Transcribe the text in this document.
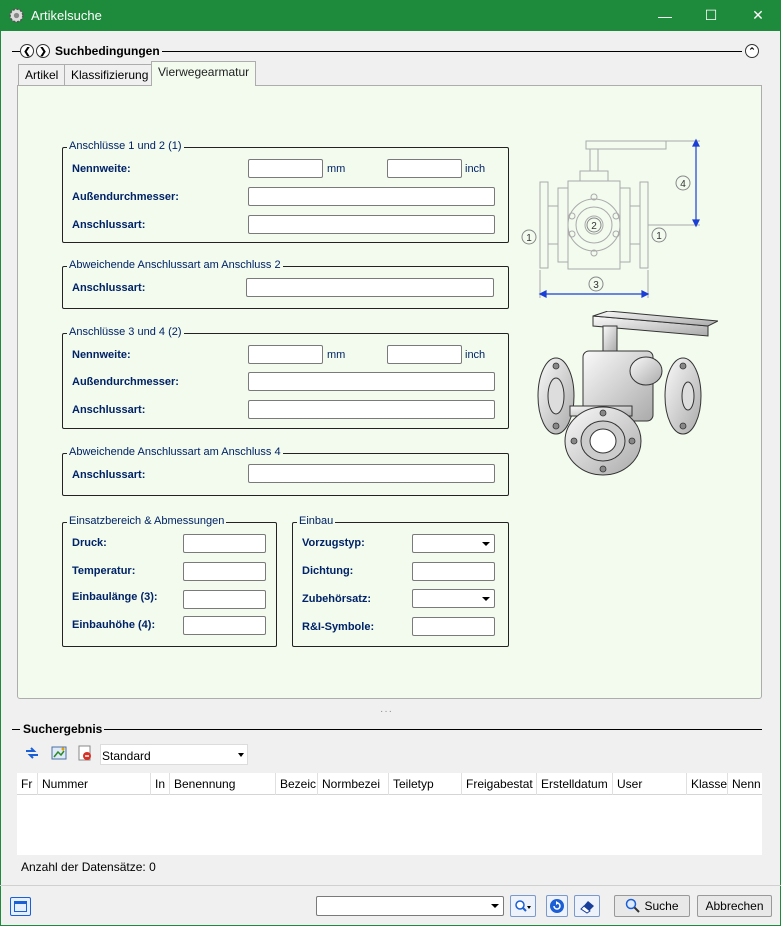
Artikelsuche	—	☐	✕
❮ ❯ Suchbedingungen	⌃
Artikel	Klassifizierung Vierwegearmatur
Anschlüsse 1 und 2 (1)
Nennweite:	mm	inch
Außendurchmesser:
Anschlussart:
Abweichende Anschlussart am Anschluss 2
Anschlussart:
Anschlüsse 3 und 4 (2)
Nennweite:	mm	inch
Außendurchmesser:
Anschlussart:
Abweichende Anschlussart am Anschluss 4
Anschlussart:
Einsatzbereich & Abmessungen
Druck:
Temperatur:
Einbaulänge (3):
Einbauhöhe (4):
Einbau
Vorzugstyp:
Dichtung:
Zubehörsatz:
R&I-Symbole:
2
1	1
4
3
···
Suchergebnis
Standard
Fr Nummer	In Benennung	Bezeic Normbezei	Teiletyp	Freigabestat Erstelldatum User	Klasse Nenn
Anzahl der Datensätze: 0
Suche	Abbrechen
